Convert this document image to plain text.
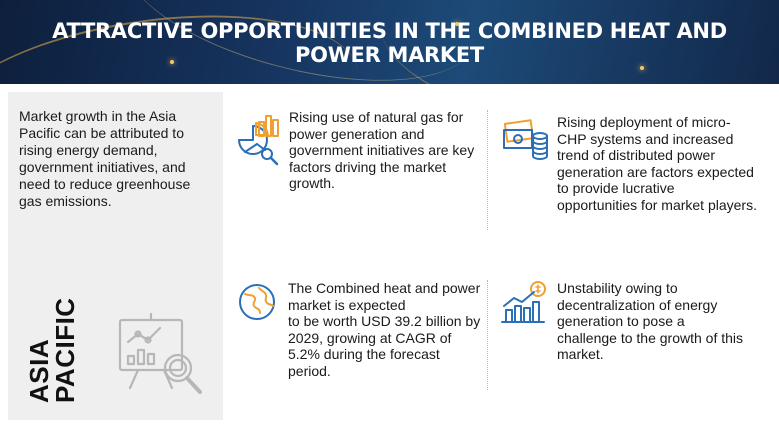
ATTRACTIVE OPPORTUNITIES IN THE COMBINED HEAT AND POWER MARKET

Market growth in the Asia Pacific can be attributed to rising energy demand, government initiatives, and need to reduce greenhouse gas emissions.

ASIA
PACIFIC
Rising use of natural gas for power generation and government initiatives are key factors driving the market growth.
Rising deployment of micro-CHP systems and increased trend of distributed power generation are factors expected to provide lucrative opportunities for market players.
The Combined heat and power market is expected
to be worth USD 39.2 billion by 2029, growing at CAGR of 5.2% during the forecast period.
Unstability owing to decentralization of energy generation to pose a challenge to the growth of this market.
